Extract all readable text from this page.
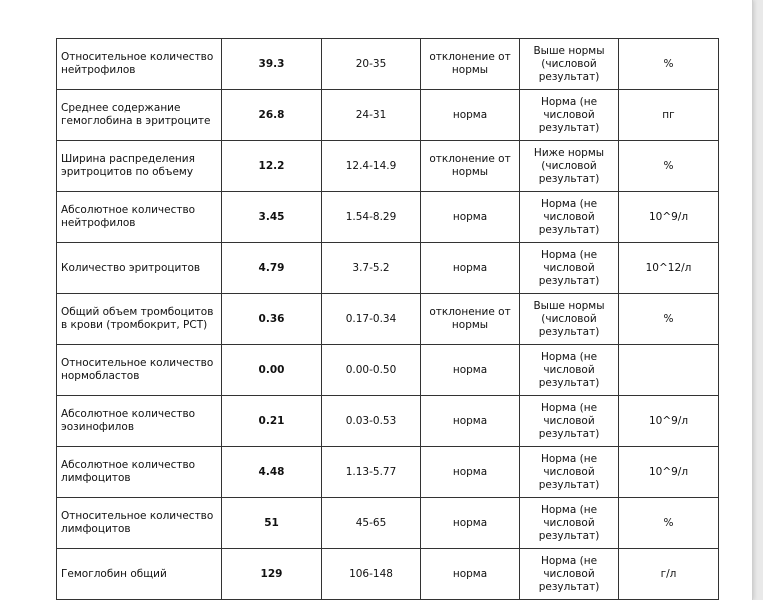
Относительное количество нейтрофилов	39.3	20-35	отклонение от нормы	Выше нормы (числовой результат)	%
Среднее содержание гемоглобина в эритроците	26.8	24-31	норма	Норма (не числовой результат)	пг
Ширина распределения эритроцитов по объему	12.2	12.4-14.9	отклонение от нормы	Ниже нормы (числовой результат)	%
Абсолютное количество нейтрофилов	3.45	1.54-8.29	норма	Норма (не числовой результат)	10^9/л
Количество эритроцитов	4.79	3.7-5.2	норма	Норма (не числовой результат)	10^12/л
Общий объем тромбоцитов в крови (тромбокрит, PCT)	0.36	0.17-0.34	отклонение от нормы	Выше нормы (числовой результат)	%
Относительное количество нормобластов	0.00	0.00-0.50	норма	Норма (не числовой результат)	
Абсолютное количество эозинофилов	0.21	0.03-0.53	норма	Норма (не числовой результат)	10^9/л
Абсолютное количество лимфоцитов	4.48	1.13-5.77	норма	Норма (не числовой результат)	10^9/л
Относительное количество лимфоцитов	51	45-65	норма	Норма (не числовой результат)	%
Гемоглобин общий	129	106-148	норма	Норма (не числовой результат)	г/л
